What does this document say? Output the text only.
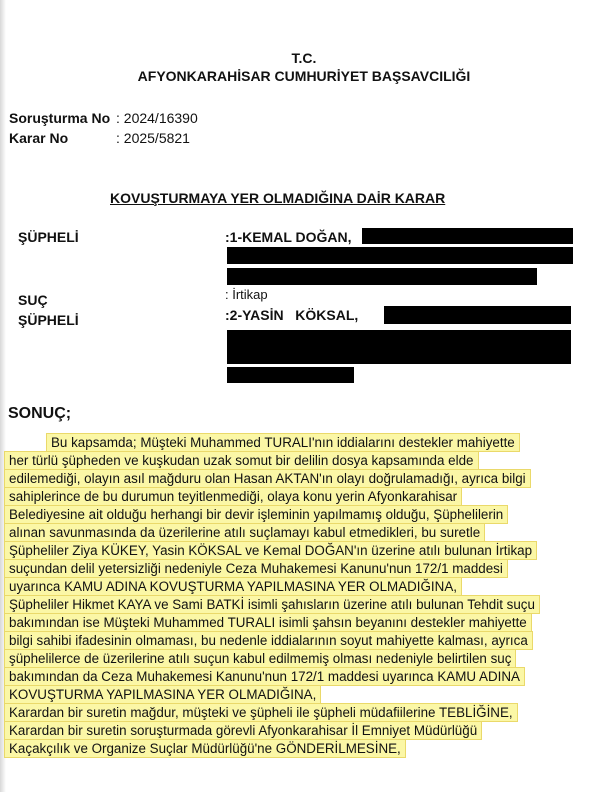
T.C.
AFYONKARAHİSAR CUMHURİYET BAŞSAVCILIĞI
Soruşturma No : 2024/16390
Karar No	: 2025/5821
KOVUŞTURMAYA YER OLMADIĞINA DAİR KARAR
ŞÜPHELİ	:1-KEMAL DOĞAN,
SUÇ	: İrtikap
ŞÜPHELİ	:2-YASİN   KÖKSAL,
SONUÇ;
Bu kapsamda; Müşteki Muhammed TURALI'nın iddialarını destekler mahiyette
her türlü şüpheden ve kuşkudan uzak somut bir delilin dosya kapsamında elde
edilemediği, olayın asıl mağduru olan Hasan AKTAN'ın olayı doğrulamadığı, ayrıca bilgi
sahiplerince de bu durumun teyitlenmediği, olaya konu yerin Afyonkarahisar
Belediyesine ait olduğu herhangi bir devir işleminin yapılmamış olduğu, Şüphelilerin
alınan savunmasında da üzerilerine atılı suçlamayı kabul etmedikleri, bu suretle
Şüpheliler Ziya KÜKEY, Yasin KÖKSAL ve Kemal DOĞAN'ın üzerine atılı bulunan İrtikap
suçundan delil yetersizliği nedeniyle Ceza Muhakemesi Kanunu'nun 172/1 maddesi
uyarınca KAMU ADINA KOVUŞTURMA YAPILMASINA YER OLMADIĞINA,
Şüpheliler Hikmet KAYA ve Sami BATKİ isimli şahısların üzerine atılı bulunan Tehdit suçu
bakımından ise Müşteki Muhammed TURALI isimli şahsın beyanını destekler mahiyette
bilgi sahibi ifadesinin olmaması, bu nedenle iddialarının soyut mahiyette kalması, ayrıca
şüphelilerce de üzerilerine atılı suçun kabul edilmemiş olması nedeniyle belirtilen suç
bakımından da Ceza Muhakemesi Kanunu'nun 172/1 maddesi uyarınca KAMU ADINA
KOVUŞTURMA YAPILMASINA YER OLMADIĞINA,
Karardan bir suretin mağdur, müşteki ve şüpheli ile şüpheli müdafiilerine TEBLİĞİNE,
Karardan bir suretin soruşturmada görevli Afyonkarahisar İl Emniyet Müdürlüğü
Kaçakçılık ve Organize Suçlar Müdürlüğü'ne GÖNDERİLMESİNE,
